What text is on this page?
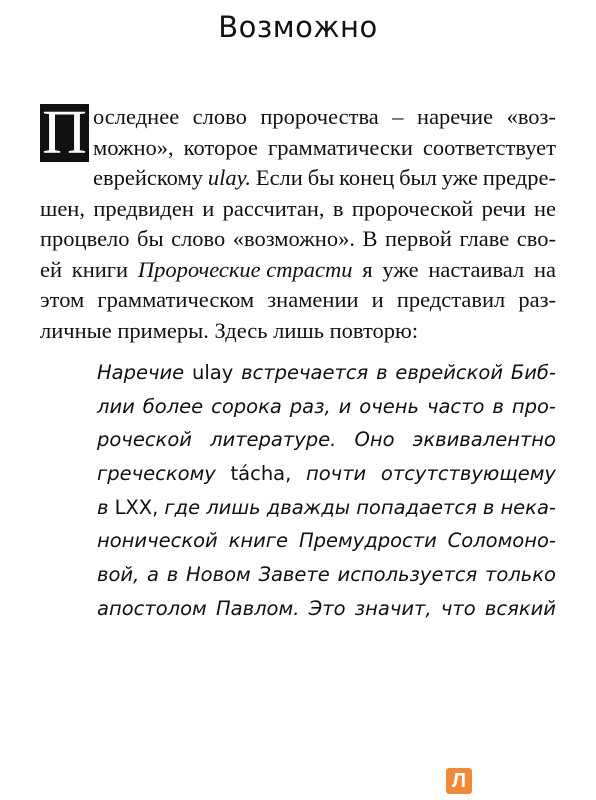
Возможно
П оследнее слово пророчества – наречие «воз-
можно», которое грамматически соответствует
еврейскому ulay. Если бы конец был уже предре-
шен, предвиден и рассчитан, в пророческой речи не
процвело бы слово «возможно». В первой главе сво-
ей книги Пророческие страсти я уже настаивал на
этом грамматическом знамении и представил раз-
личные
примеры.
Здесь
лишь
повторю:
Наречие ulay встречается в еврейской Биб-
лии более сорока раз, и очень часто в про-
роческой литературе. Оно эквивалентно
греческому tácha, почти отсутствующему
в LXX, где лишь дважды попадается в нека-
нонической книге Премудрости Соломоно-
вой, а в Новом Завете используется только
апостолом Павлом. Это значит, что всякий
Л
